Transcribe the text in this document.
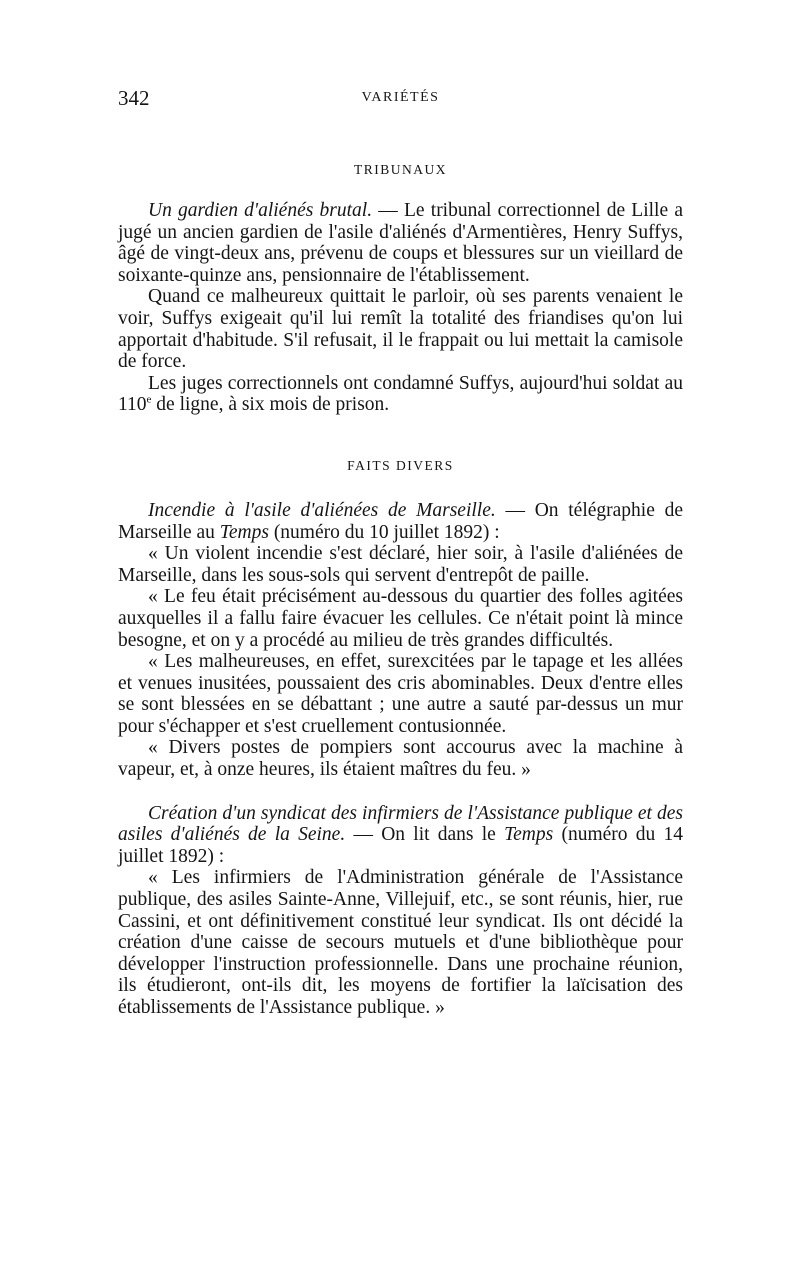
342	VARIÉTÉS
TRIBUNAUX

Un gardien d'aliénés brutal. — Le tribunal correctionnel de Lille a jugé un ancien gardien de l'asile d'aliénés d'Armentières, Henry Suffys, âgé de vingt-deux ans, prévenu de coups et blessures sur un vieillard de soixante-quinze ans, pensionnaire de l'établissement.

Quand ce malheureux quittait le parloir, où ses parents venaient le voir, Suffys exigeait qu'il lui remît la totalité des friandises qu'on lui apportait d'habitude. S'il refusait, il le frappait ou lui mettait la camisole de force.

Les juges correctionnels ont condamné Suffys, aujourd'hui soldat au 110e de ligne, à six mois de prison.

FAITS DIVERS

Incendie à l'asile d'aliénées de Marseille. — On télégraphie de Marseille au Temps (numéro du 10 juillet 1892) :

« Un violent incendie s'est déclaré, hier soir, à l'asile d'aliénées de Marseille, dans les sous-sols qui servent d'entrepôt de paille.

« Le feu était précisément au-dessous du quartier des folles agitées auxquelles il a fallu faire évacuer les cellules. Ce n'était point là mince besogne, et on y a procédé au milieu de très grandes difficultés.

« Les malheureuses, en effet, surexcitées par le tapage et les allées et venues inusitées, poussaient des cris abominables. Deux d'entre elles se sont blessées en se débattant ; une autre a sauté par-dessus un mur pour s'échapper et s'est cruellement contusionnée.

« Divers postes de pompiers sont accourus avec la machine à vapeur, et, à onze heures, ils étaient maîtres du feu. »

Création d'un syndicat des infirmiers de l'Assistance publique et des asiles d'aliénés de la Seine. — On lit dans le Temps (numéro du 14 juillet 1892) :

« Les infirmiers de l'Administration générale de l'Assistance publique, des asiles Sainte-Anne, Villejuif, etc., se sont réunis, hier, rue Cassini, et ont définitivement constitué leur syndicat. Ils ont décidé la création d'une caisse de secours mutuels et d'une bibliothèque pour développer l'instruction professionnelle. Dans une prochaine réunion, ils étudieront, ont-ils dit, les moyens de fortifier la laïcisation des établissements de l'Assistance publique. »
